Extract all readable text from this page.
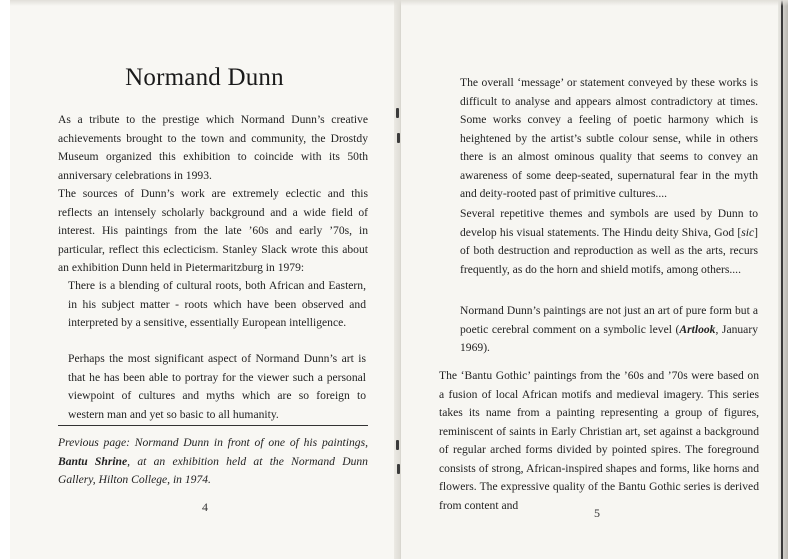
Normand Dunn

As a tribute to the prestige which Normand Dunn’s creative achievements brought to the town and community, the Drostdy Museum organized this exhibition to coincide with its 50th anniversary celebrations in 1993.

The sources of Dunn’s work are extremely eclectic and this reflects an intensely scholarly background and a wide field of interest. His paintings from the late ’60s and early ’70s, in particular, reflect this eclecticism. Stanley Slack wrote this about an exhibition Dunn held in Pietermaritzburg in 1979:

There is a blending of cultural roots, both African and Eastern, in his subject matter - roots which have been observed and interpreted by a sensitive, essentially European intelligence.

Perhaps the most significant aspect of Normand Dunn’s art is that he has been able to portray for the viewer such a personal viewpoint of cultures and myths which are so foreign to western man and yet so basic to all humanity.

Previous page: Normand Dunn in front of one of his paintings, Bantu Shrine, at an exhibition held at the Normand Dunn Gallery, Hilton College, in 1974.

4

The overall ‘message’ or statement conveyed by these works is difficult to analyse and appears almost contradictory at times. Some works convey a feeling of poetic harmony which is heightened by the artist’s subtle colour sense, while in others there is an almost ominous quality that seems to convey an awareness of some deep-seated, supernatural fear in the myth and deity-rooted past of primitive cultures....

Several repetitive themes and symbols are used by Dunn to develop his visual statements. The Hindu deity Shiva, God [sic] of both destruction and reproduction as well as the arts, recurs frequently, as do the horn and shield motifs, among others....

Normand Dunn’s paintings are not just an art of pure form but a poetic cerebral comment on a symbolic level (Artlook, January 1969).

The ‘Bantu Gothic’ paintings from the ’60s and ’70s were based on a fusion of local African motifs and medieval imagery. This series takes its name from a painting representing a group of figures, reminiscent of saints in Early Christian art, set against a background of regular arched forms divided by pointed spires. The foreground consists of strong, African-inspired shapes and forms, like horns and flowers. The expressive quality of the Bantu Gothic series is derived from content and

5
